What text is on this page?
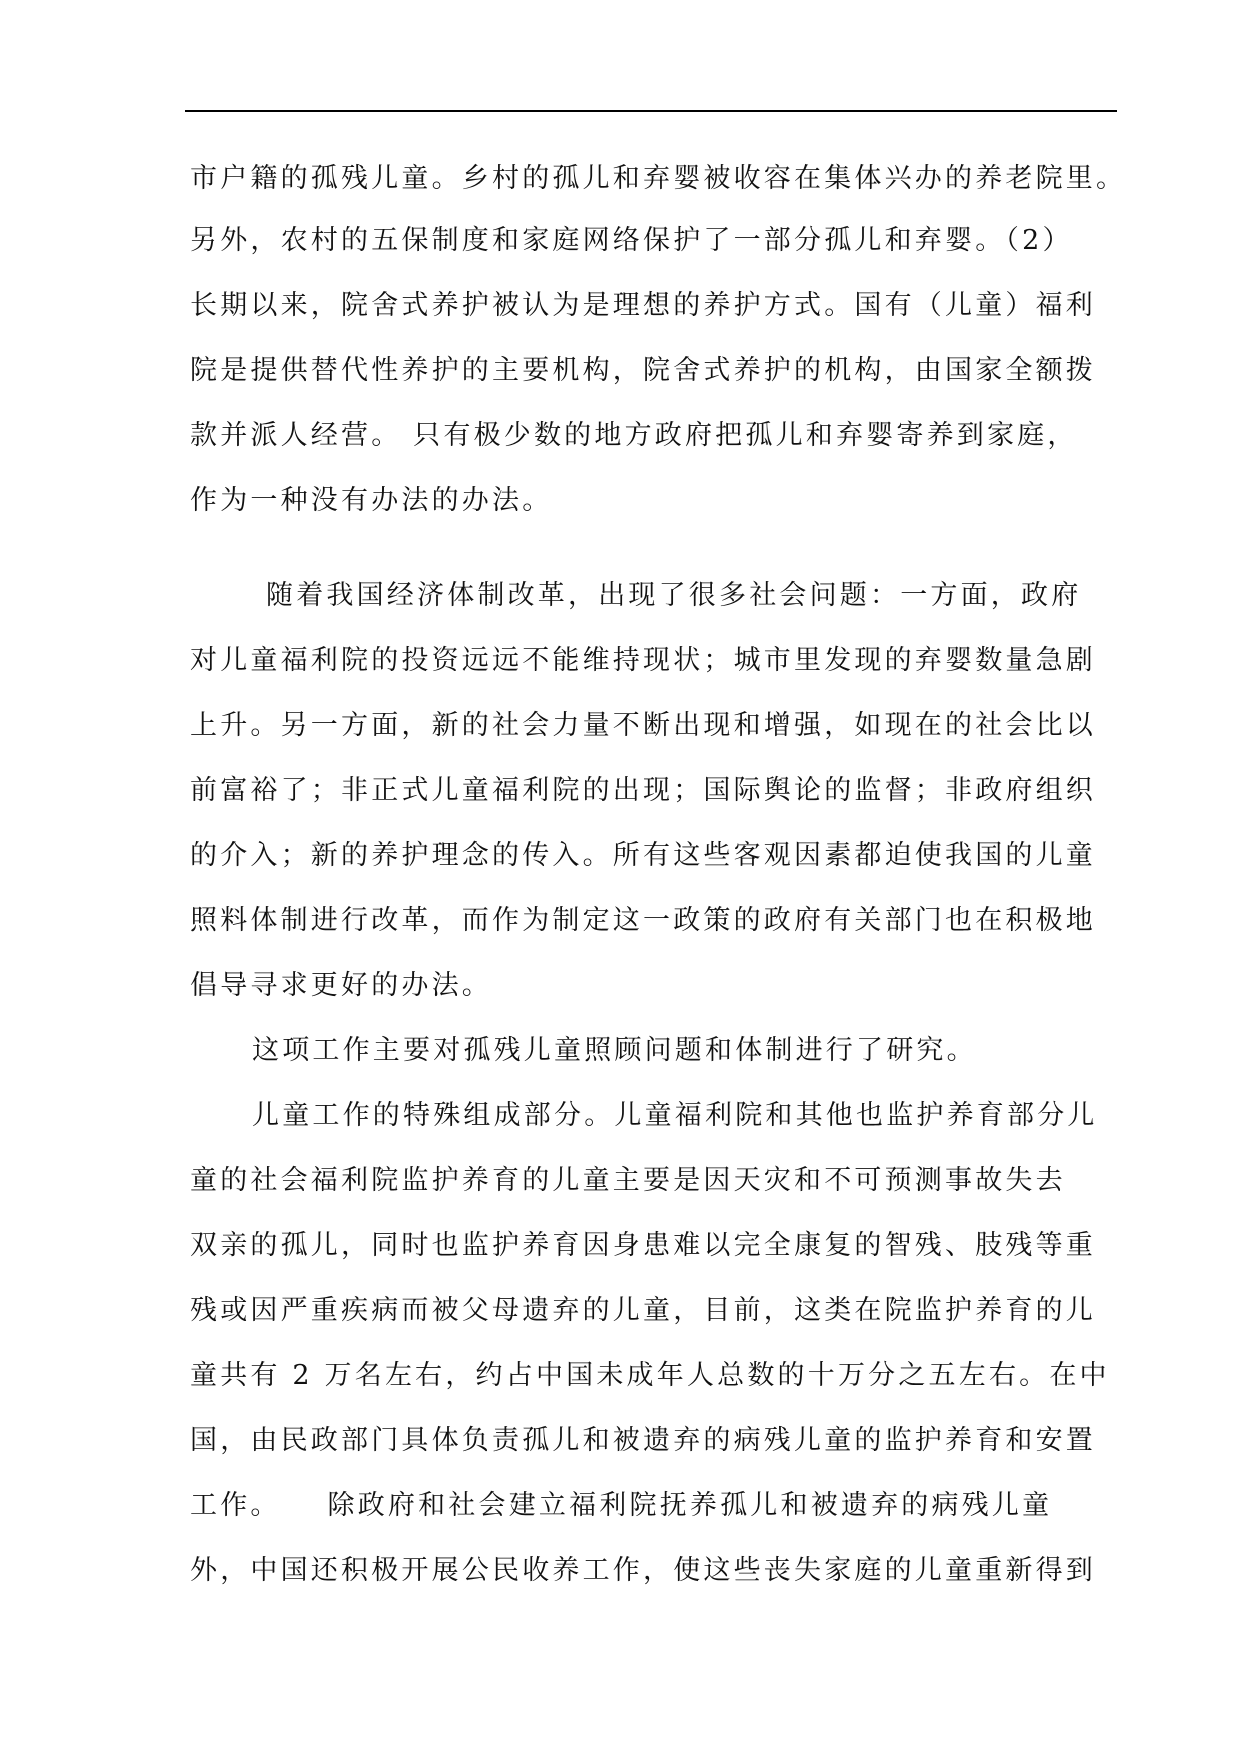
市户籍的孤残儿童。乡村的孤儿和弃婴被收容在集体兴办的养老院里。
另外，农村的五保制度和家庭网络保护了一部分孤儿和弃婴。（2）
长期以来，院舍式养护被认为是理想的养护方式。国有（儿童）福利
院是提供替代性养护的主要机构，院舍式养护的机构，由国家全额拨
款并派人经营。 只有极少数的地方政府把孤儿和弃婴寄养到家庭，
作为一种没有办法的办法。
随着我国经济体制改革，出现了很多社会问题：一方面，政府
对儿童福利院的投资远远不能维持现状；城市里发现的弃婴数量急剧
上升。另一方面，新的社会力量不断出现和增强，如现在的社会比以
前富裕了；非正式儿童福利院的出现；国际舆论的监督；非政府组织
的介入；新的养护理念的传入。所有这些客观因素都迫使我国的儿童
照料体制进行改革，而作为制定这一政策的政府有关部门也在积极地
倡导寻求更好的办法。
这项工作主要对孤残儿童照顾问题和体制进行了研究。
儿童工作的特殊组成部分。儿童福利院和其他也监护养育部分儿
童的社会福利院监护养育的儿童主要是因天灾和不可预测事故失去
双亲的孤儿，同时也监护养育因身患难以完全康复的智残、肢残等重
残或因严重疾病而被父母遗弃的儿童，目前，这类在院监护养育的儿
童共有 2 万名左右，约占中国未成年人总数的十万分之五左右。在中
国，由民政部门具体负责孤儿和被遗弃的病残儿童的监护养育和安置
工作。　　除政府和社会建立福利院抚养孤儿和被遗弃的病残儿童
外，中国还积极开展公民收养工作，使这些丧失家庭的儿童重新得到
